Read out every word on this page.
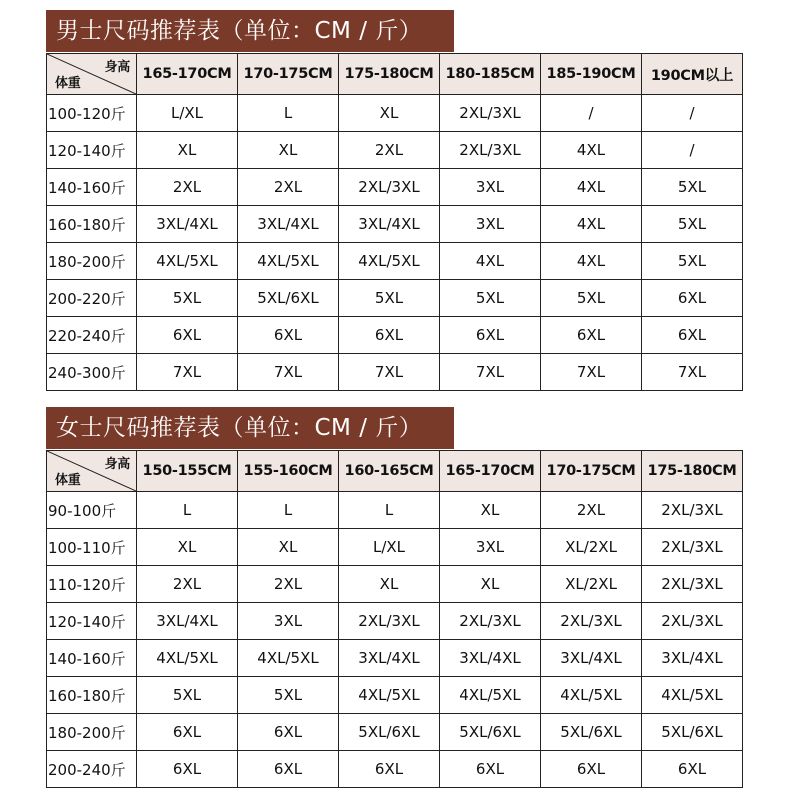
男士尺码推荐表（单位：CM / 斤）
身高
体重	165-170CM	170-175CM	175-180CM	180-185CM	185-190CM	190CM以上
100-120斤	L/XL	L	XL	2XL/3XL	/	/
120-140斤	XL	XL	2XL	2XL/3XL	4XL	/
140-160斤	2XL	2XL	2XL/3XL	3XL	4XL	5XL
160-180斤	3XL/4XL	3XL/4XL	3XL/4XL	3XL	4XL	5XL
180-200斤	4XL/5XL	4XL/5XL	4XL/5XL	4XL	4XL	5XL
200-220斤	5XL	5XL/6XL	5XL	5XL	5XL	6XL
220-240斤	6XL	6XL	6XL	6XL	6XL	6XL
240-300斤	7XL	7XL	7XL	7XL	7XL	7XL
女士尺码推荐表（单位：CM / 斤）
身高
体重	150-155CM	155-160CM	160-165CM	165-170CM	170-175CM	175-180CM
90-100斤	L	L	L	XL	2XL	2XL/3XL
100-110斤	XL	XL	L/XL	3XL	XL/2XL	2XL/3XL
110-120斤	2XL	2XL	XL	XL	XL/2XL	2XL/3XL
120-140斤	3XL/4XL	3XL	2XL/3XL	2XL/3XL	2XL/3XL	2XL/3XL
140-160斤	4XL/5XL	4XL/5XL	3XL/4XL	3XL/4XL	3XL/4XL	3XL/4XL
160-180斤	5XL	5XL	4XL/5XL	4XL/5XL	4XL/5XL	4XL/5XL
180-200斤	6XL	6XL	5XL/6XL	5XL/6XL	5XL/6XL	5XL/6XL
200-240斤	6XL	6XL	6XL	6XL	6XL	6XL
